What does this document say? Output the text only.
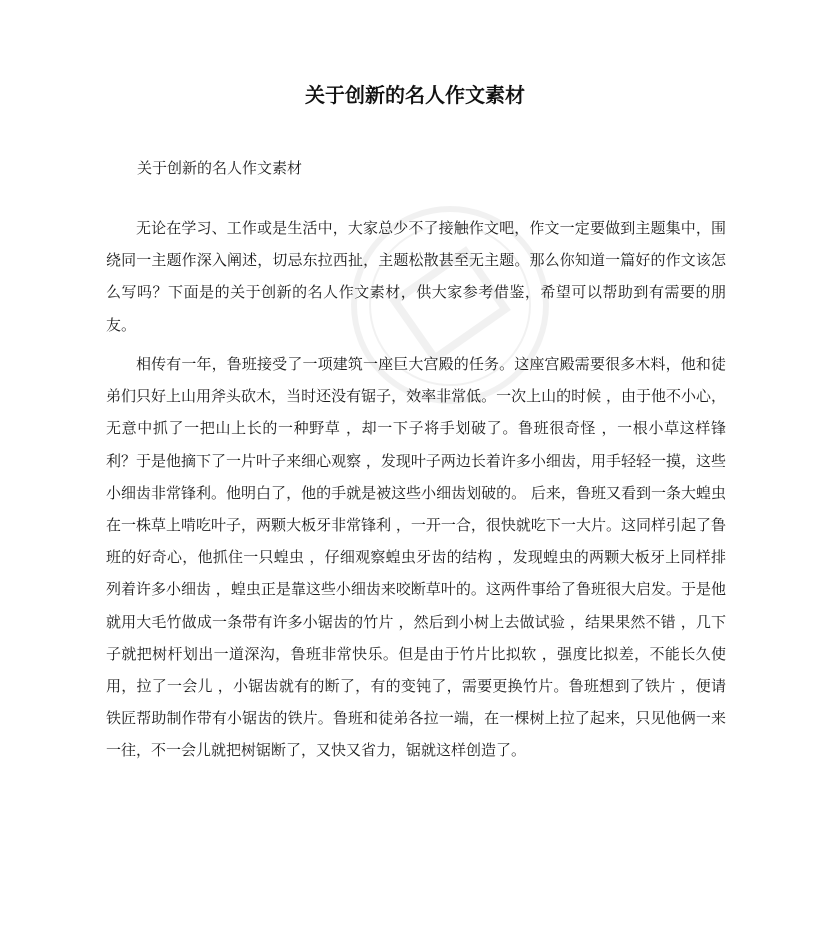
关于创新的名人作文素材
关于创新的名人作文素材

无论在学习、工作或是生活中，大家总少不了接触作文吧，作文一定要做到主题集中，围绕同一主题作深入阐述，切忌东拉西扯，主题松散甚至无主题。那么你知道一篇好的作文该怎么写吗？下面是的关于创新的名人作文素材，供大家参考借鉴，希望可以帮助到有需要的朋友。

相传有一年，鲁班接受了一项建筑一座巨大宫殿的任务。这座宫殿需要很多木料，他和徒弟们只好上山用斧头砍木，当时还没有锯子，效率非常低。一次上山的时候 ，由于他不小心，无意中抓了一把山上长的一种野草 ，却一下子将手划破了。鲁班很奇怪 ，一根小草这样锋利？于是他摘下了一片叶子来细心观察 ，发现叶子两边长着许多小细齿，用手轻轻一摸，这些小细齿非常锋利。他明白了，他的手就是被这些小细齿划破的。 后来，鲁班又看到一条大蝗虫在一株草上啃吃叶子，两颗大板牙非常锋利 ，一开一合，很快就吃下一大片。这同样引起了鲁班的好奇心，他抓住一只蝗虫 ，仔细观察蝗虫牙齿的结构 ，发现蝗虫的两颗大板牙上同样排列着许多小细齿 ，蝗虫正是靠这些小细齿来咬断草叶的。这两件事给了鲁班很大启发。于是他就用大毛竹做成一条带有许多小锯齿的竹片 ，然后到小树上去做试验 ，结果果然不错 ，几下子就把树杆划出一道深沟，鲁班非常快乐。但是由于竹片比拟软 ，强度比拟差，不能长久使用，拉了一会儿 ，小锯齿就有的断了，有的变钝了，需要更换竹片。鲁班想到了铁片 ，便请铁匠帮助制作带有小锯齿的铁片。鲁班和徒弟各拉一端，在一棵树上拉了起来，只见他俩一来一往，不一会儿就把树锯断了，又快又省力，锯就这样创造了。
